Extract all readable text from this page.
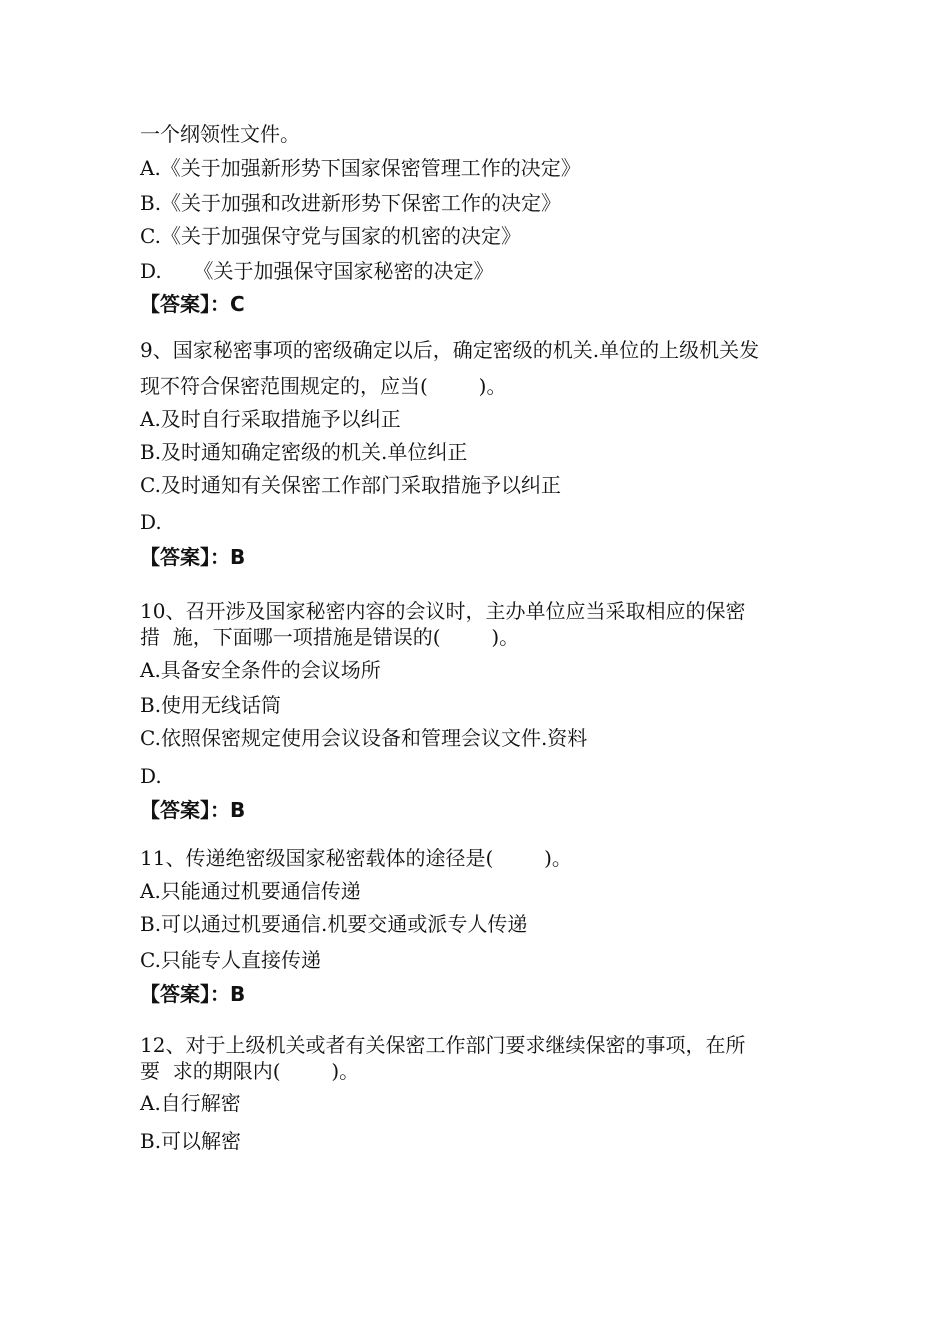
一个纲领性文件。
A.《关于加强新形势下国家保密管理工作的决定》
B.《关于加强和改进新形势下保密工作的决定》
C.《关于加强保守党与国家的机密的决定》
D.     《关于加强保守国家秘密的决定》
【答案】：C
9、国家秘密事项的密级确定以后，确定密级的机关.单位的上级机关发
现不符合保密范围规定的，应当(        )。
A.及时自行采取措施予以纠正
B.及时通知确定密级的机关.单位纠正
C.及时通知有关保密工作部门采取措施予以纠正
D.
【答案】：B
10、召开涉及国家秘密内容的会议时，主办单位应当采取相应的保密
措  施，下面哪一项措施是错误的(        )。
A.具备安全条件的会议场所
B.使用无线话筒
C.依照保密规定使用会议设备和管理会议文件.资料
D.
【答案】：B
11、传递绝密级国家秘密载体的途径是(        )。
A.只能通过机要通信传递
B.可以通过机要通信.机要交通或派专人传递
C.只能专人直接传递
【答案】：B
12、对于上级机关或者有关保密工作部门要求继续保密的事项，在所
要  求的期限内(        )。
A.自行解密
B.可以解密
